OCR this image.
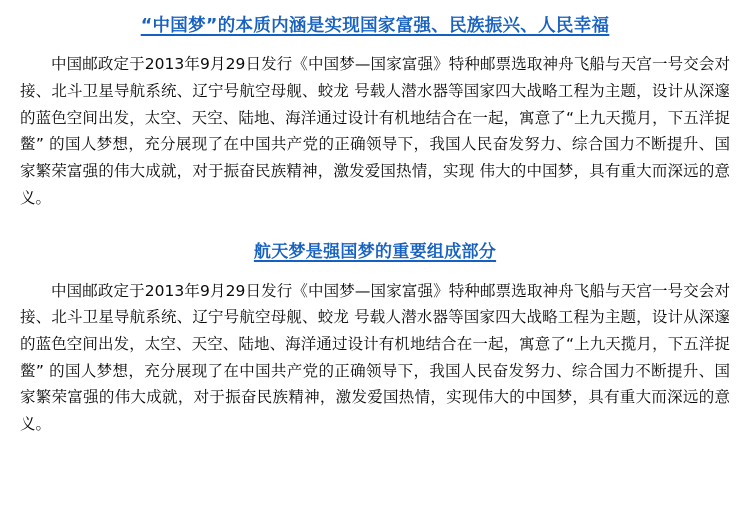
“中国梦”的本质内涵是实现国家富强、民族振兴、人民幸福

中国邮政定于2013年9月29日发行《中国梦—国家富强》特种邮票选取神舟飞船与天宫一号交会对接、北斗卫星导航系统、辽宁号航空母舰、蛟龙 号载人潜水器等国家四大战略工程为主题，设计从深邃的蓝色空间出发，太空、天空、陆地、海洋通过设计有机地结合在一起，寓意了“上九天揽月，下五洋捉鳖” 的国人梦想，充分展现了在中国共产党的正确领导下，我国人民奋发努力、综合国力不断提升、国家繁荣富强的伟大成就，对于振奋民族精神，激发爱国热情，实现 伟大的中国梦，具有重大而深远的意义。

航天梦是强国梦的重要组成部分

中国邮政定于2013年9月29日发行《中国梦—国家富强》特种邮票选取神舟飞船与天宫一号交会对接、北斗卫星导航系统、辽宁号航空母舰、蛟龙 号载人潜水器等国家四大战略工程为主题，设计从深邃的蓝色空间出发，太空、天空、陆地、海洋通过设计有机地结合在一起，寓意了“上九天揽月，下五洋捉鳖” 的国人梦想，充分展现了在中国共产党的正确领导下，我国人民奋发努力、综合国力不断提升、国家繁荣富强的伟大成就，对于振奋民族精神，激发爱国热情，实现伟大的中国梦，具有重大而深远的意义。
